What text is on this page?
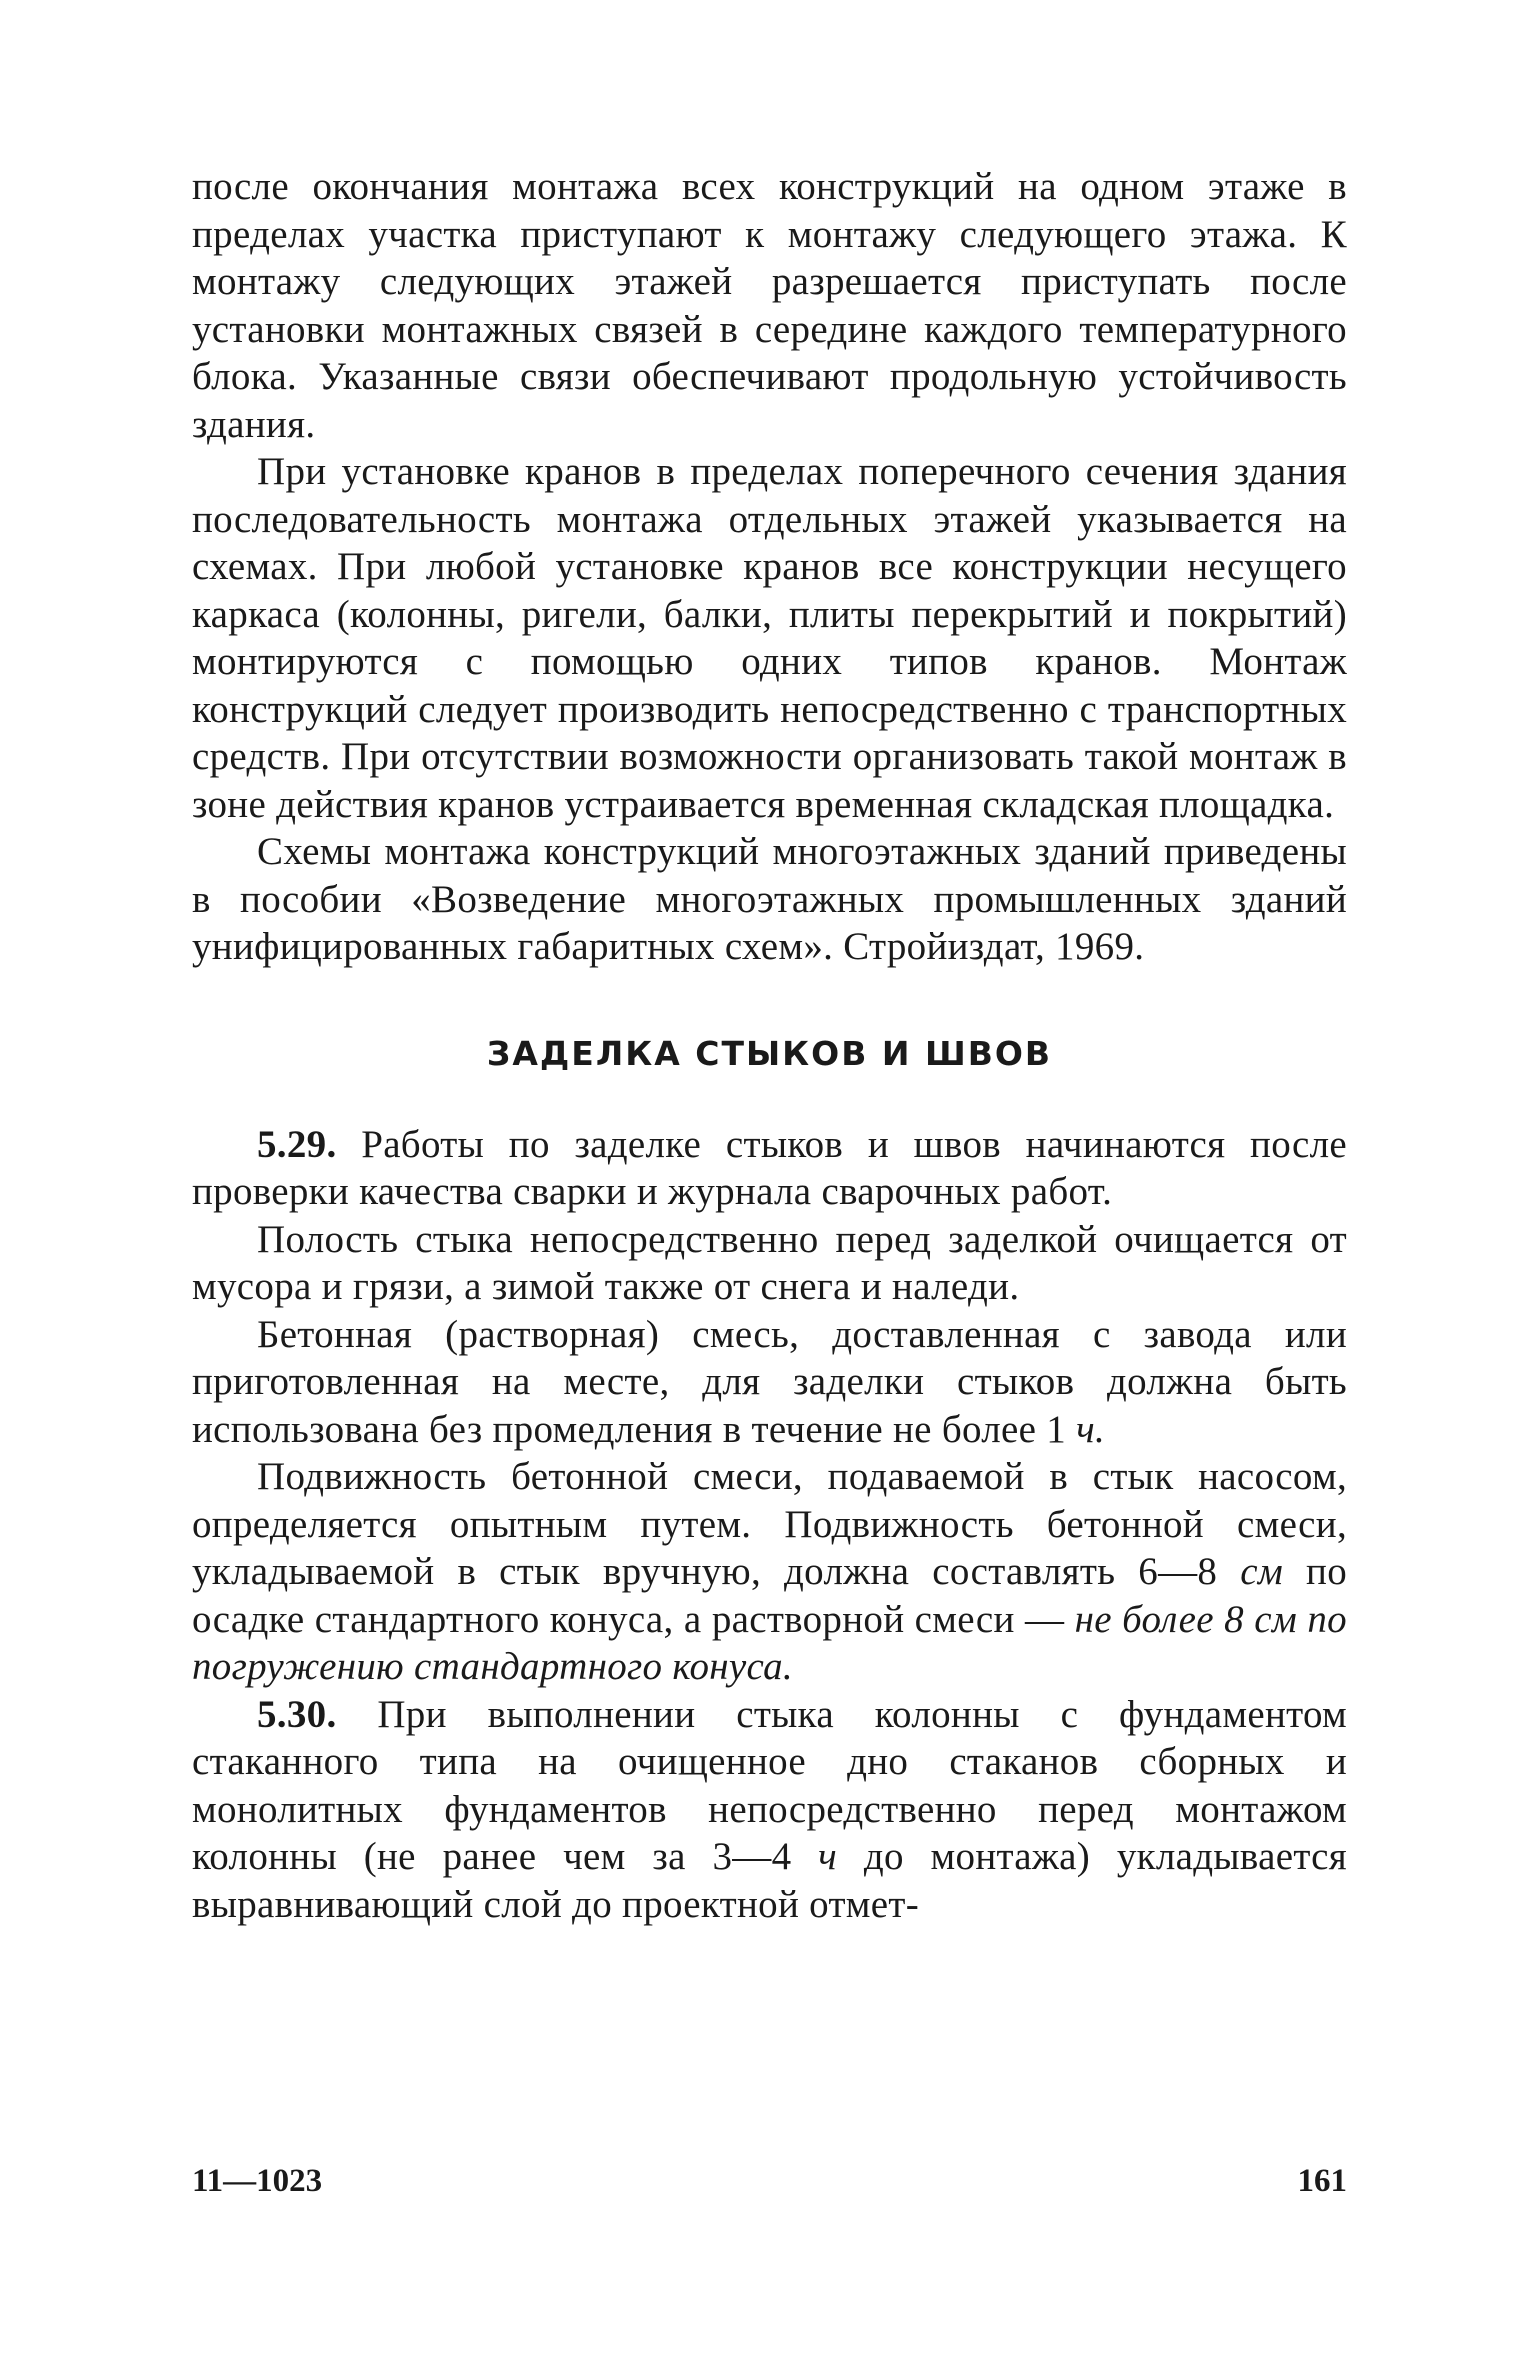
после окончания монтажа всех конструкций на одном этаже в пределах участка приступают к монтажу следующего этажа. К монтажу следующих этажей разрешается приступать после установки монтажных связей в середине каждого температурного блока. Указанные связи обеспечивают продольную устойчивость здания.

При установке кранов в пределах поперечного сечения здания последовательность монтажа отдельных этажей указывается на схемах. При любой установке кранов все конструкции несущего каркаса (колонны, ригели, балки, плиты перекрытий и покрытий) монтируются с помощью одних типов кранов. Монтаж конструкций следует производить непосредственно с транспортных средств. При отсутствии возможности организовать такой монтаж в зоне действия кранов устраивается временная складская площадка.

Схемы монтажа конструкций многоэтажных зданий приведены в пособии «Возведение многоэтажных промышленных зданий унифицированных габаритных схем». Стройиздат, 1969.

ЗАДЕЛКА СТЫКОВ И ШВОВ

5.29. Работы по заделке стыков и швов начинаются после проверки качества сварки и журнала сварочных работ.

Полость стыка непосредственно перед заделкой очищается от мусора и грязи, а зимой также от снега и наледи.

Бетонная (растворная) смесь, доставленная с завода или приготовленная на месте, для заделки стыков должна быть использована без промедления в течение не более 1 ч.

Подвижность бетонной смеси, подаваемой в стык насосом, определяется опытным путем. Подвижность бетонной смеси, укладываемой в стык вручную, должна составлять 6—8 см по осадке стандартного конуса, а растворной смеси — не более 8 см по погружению стандартного конуса.

5.30. При выполнении стыка колонны с фундаментом стаканного типа на очищенное дно стаканов сборных и монолитных фундаментов непосредственно перед монтажом колонны (не ранее чем за 3—4 ч до монтажа) укладывается выравнивающий слой до проектной отмет-

11—1023	161
